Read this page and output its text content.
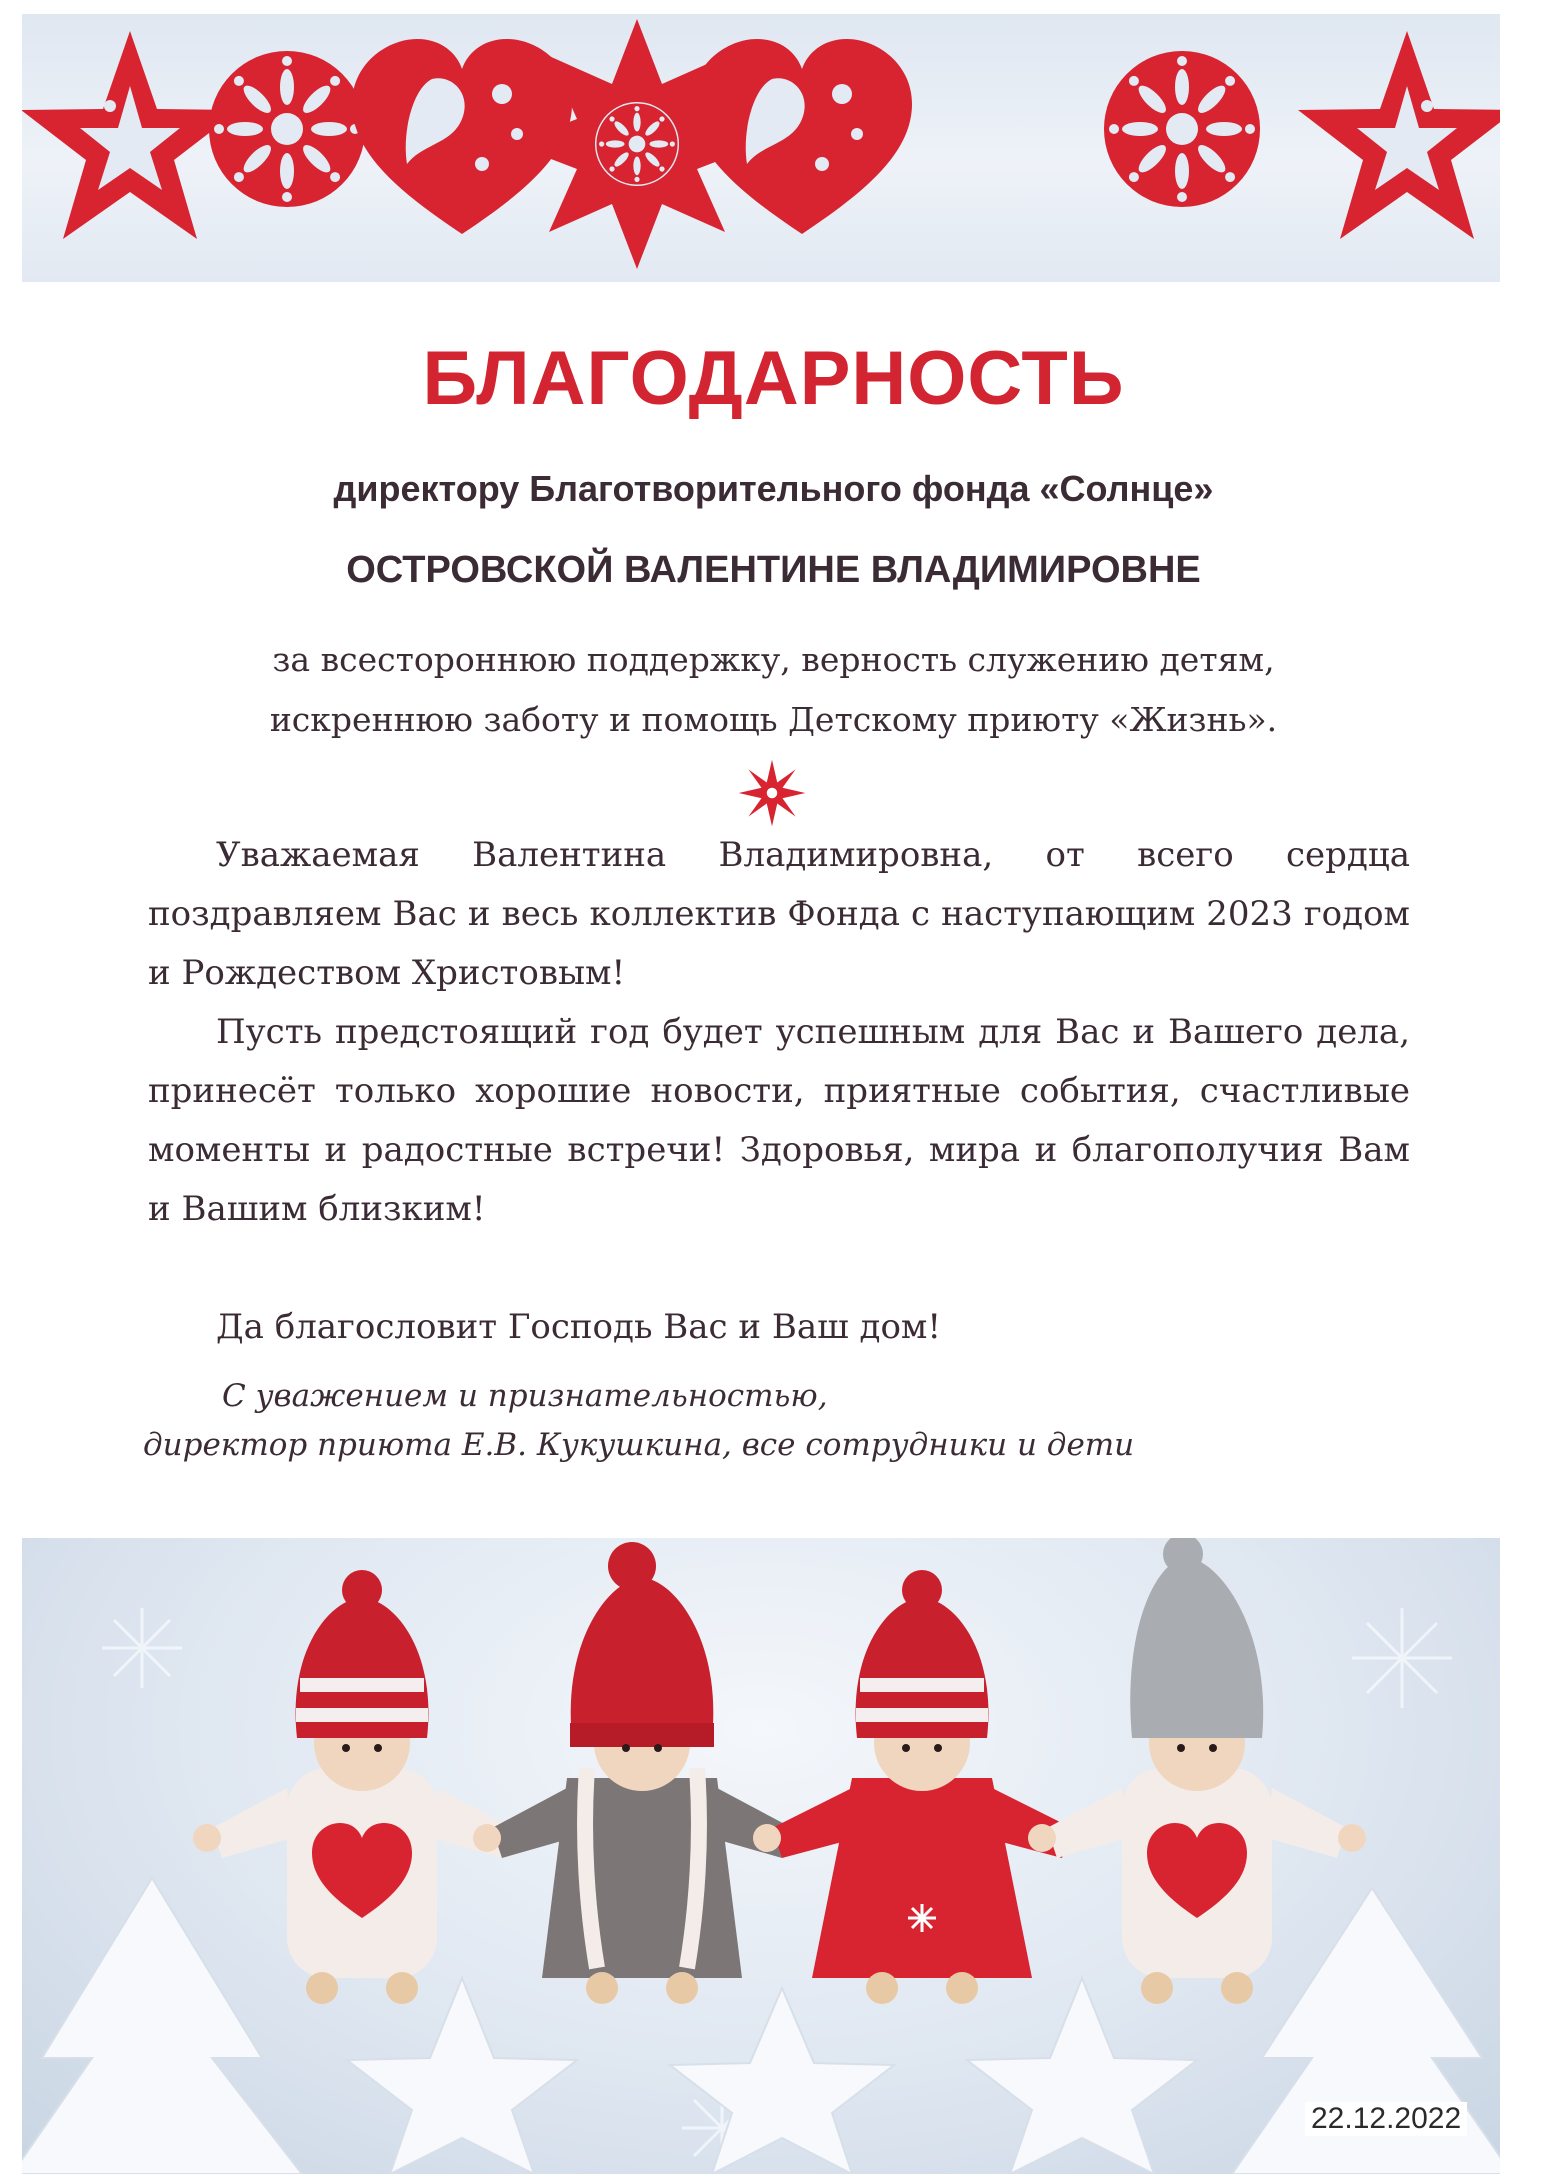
БЛАГОДАРНОСТЬ

директору Благотворительного фонда «Солнце»

ОСТРОВСКОЙ ВАЛЕНТИНЕ ВЛАДИМИРОВНЕ

за всестороннюю поддержку, верность служению детям,

искреннюю заботу и помощь Детскому приюту «Жизнь».

Уважаемая Валентина Владимировна, от всего сердца поздравляем Вас и весь коллектив Фонда с наступающим 2023 годом и Рождеством Христовым!

Пусть предстоящий год будет успешным для Вас и Вашего дела, принесёт только хорошие новости, приятные события, счастливые моменты и радостные встречи! Здоровья, мира и благополучия Вам и Вашим близким!

Да благословит Господь Вас и Ваш дом!

С уважением и признательностью,

директор приюта Е.В. Кукушкина, все сотрудники и дети

22.12.2022
